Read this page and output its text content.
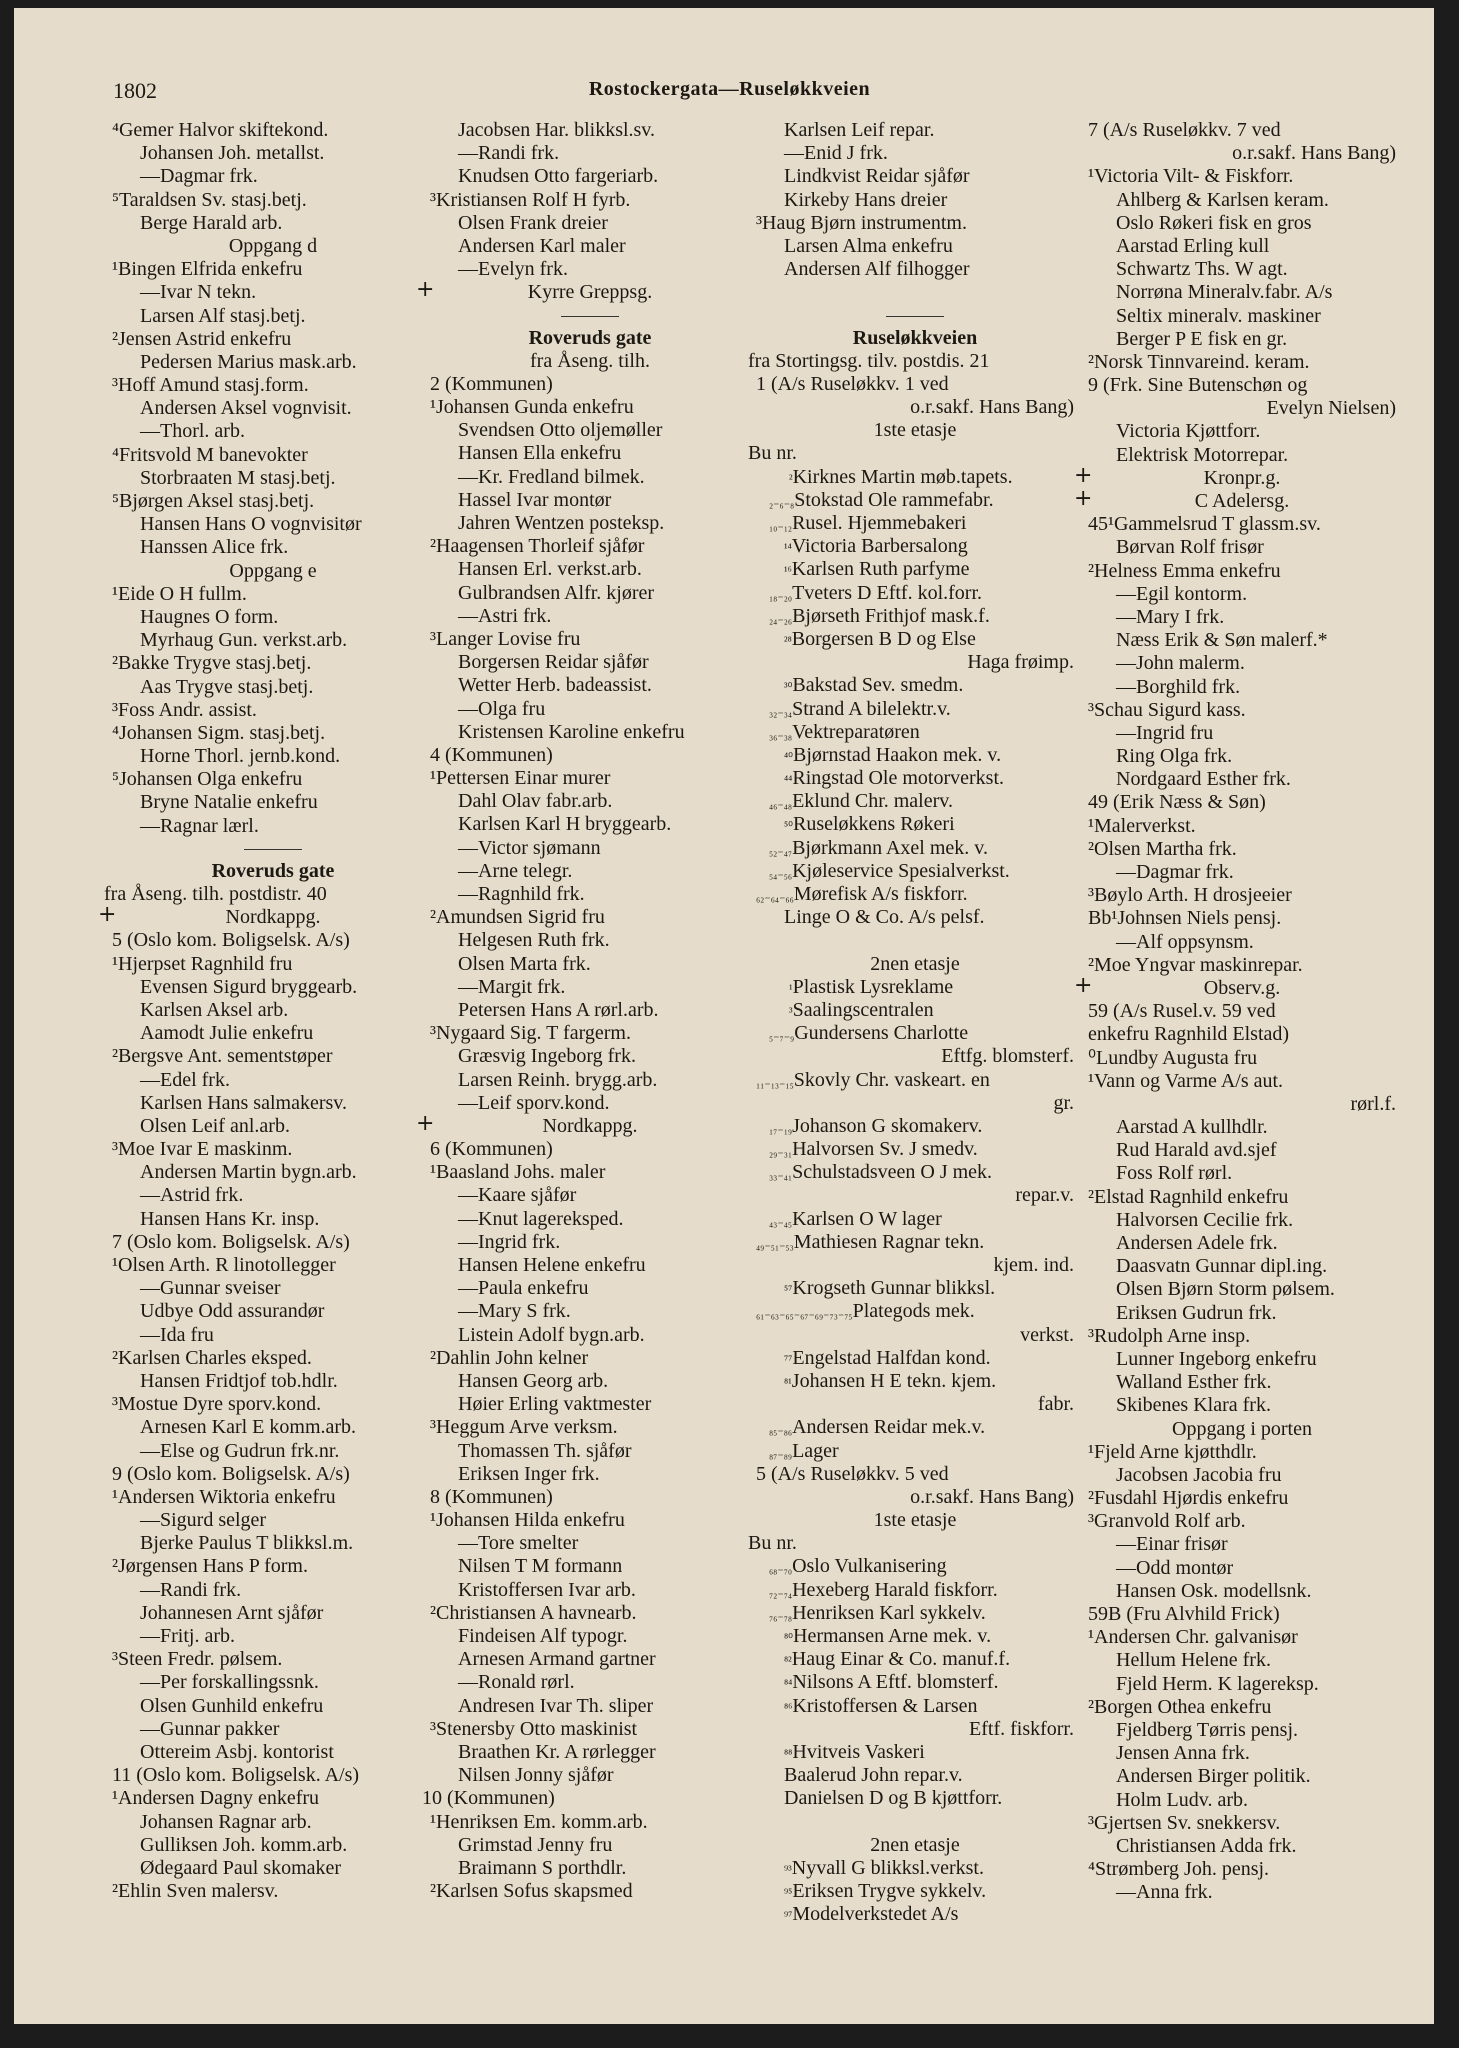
1802	Rostockergata—Ruseløkkveien
⁴Gemer Halvor skiftekond.
Johansen Joh. metallst.
—Dagmar frk.
⁵Taraldsen Sv. stasj.betj.
Berge Harald arb.
Oppgang d
¹Bingen Elfrida enkefru
—Ivar N tekn.
Larsen Alf stasj.betj.
²Jensen Astrid enkefru
Pedersen Marius mask.arb.
³Hoff Amund stasj.form.
Andersen Aksel vognvisit.
—Thorl. arb.
⁴Fritsvold M banevokter
Storbraaten M stasj.betj.
⁵Bjørgen Aksel stasj.betj.
Hansen Hans O vognvisitør
Hanssen Alice frk.
Oppgang e
¹Eide O H fullm.
Haugnes O form.
Myrhaug Gun. verkst.arb.
²Bakke Trygve stasj.betj.
Aas Trygve stasj.betj.
³Foss Andr. assist.
⁴Johansen Sigm. stasj.betj.
Horne Thorl. jernb.kond.
⁵Johansen Olga enkefru
Bryne Natalie enkefru
—Ragnar lærl.
Roveruds gate
fra Åseng. tilh. postdistr. 40
+	Nordkappg.
5 (Oslo kom. Boligselsk. A/s)
¹Hjerpset Ragnhild fru
Evensen Sigurd bryggearb.
Karlsen Aksel arb.
Aamodt Julie enkefru
²Bergsve Ant. sementstøper
—Edel frk.
Karlsen Hans salmakersv.
Olsen Leif anl.arb.
³Moe Ivar E maskinm.
Andersen Martin bygn.arb.
—Astrid frk.
Hansen Hans Kr. insp.
7 (Oslo kom. Boligselsk. A/s)
¹Olsen Arth. R linotollegger
—Gunnar sveiser
Udbye Odd assurandør
—Ida fru
²Karlsen Charles eksped.
Hansen Fridtjof tob.hdlr.
³Mostue Dyre sporv.kond.
Arnesen Karl E komm.arb.
—Else og Gudrun frk.nr.
9 (Oslo kom. Boligselsk. A/s)
¹Andersen Wiktoria enkefru
—Sigurd selger
Bjerke Paulus T blikksl.m.
²Jørgensen Hans P form.
—Randi frk.
Johannesen Arnt sjåfør
—Fritj. arb.
³Steen Fredr. pølsem.
—Per forskallingssnk.
Olsen Gunhild enkefru
—Gunnar pakker
Ottereim Asbj. kontorist
11 (Oslo kom. Boligselsk. A/s)
¹Andersen Dagny enkefru
Johansen Ragnar arb.
Gulliksen Joh. komm.arb.
Ødegaard Paul skomaker
²Ehlin Sven malersv.
Jacobsen Har. blikksl.sv.
—Randi frk.
Knudsen Otto fargeriarb.
³Kristiansen Rolf H fyrb.
Olsen Frank dreier
Andersen Karl maler
—Evelyn frk.
+	Kyrre Greppsg.
Roveruds gate
fra Åseng. tilh.
2 (Kommunen)
¹Johansen Gunda enkefru
Svendsen Otto oljemøller
Hansen Ella enkefru
—Kr. Fredland bilmek.
Hassel Ivar montør
Jahren Wentzen posteksp.
²Haagensen Thorleif sjåfør
Hansen Erl. verkst.arb.
Gulbrandsen Alfr. kjører
—Astri frk.
³Langer Lovise fru
Borgersen Reidar sjåfør
Wetter Herb. badeassist.
—Olga fru
Kristensen Karoline enkefru
4 (Kommunen)
¹Pettersen Einar murer
Dahl Olav fabr.arb.
Karlsen Karl H bryggearb.
—Victor sjømann
—Arne telegr.
—Ragnhild frk.
²Amundsen Sigrid fru
Helgesen Ruth frk.
Olsen Marta frk.
—Margit frk.
Petersen Hans A rørl.arb.
³Nygaard Sig. T fargerm.
Græsvig Ingeborg frk.
Larsen Reinh. brygg.arb.
—Leif sporv.kond.
+	Nordkappg.
6 (Kommunen)
¹Baasland Johs. maler
—Kaare sjåfør
—Knut lagereksped.
—Ingrid frk.
Hansen Helene enkefru
—Paula enkefru
—Mary S frk.
Listein Adolf bygn.arb.
²Dahlin John kelner
Hansen Georg arb.
Høier Erling vaktmester
³Heggum Arve verksm.
Thomassen Th. sjåfør
Eriksen Inger frk.
8 (Kommunen)
¹Johansen Hilda enkefru
—Tore smelter
Nilsen T M formann
Kristoffersen Ivar arb.
²Christiansen A havnearb.
Findeisen Alf typogr.
Arnesen Armand gartner
—Ronald rørl.
Andresen Ivar Th. sliper
³Stenersby Otto maskinist
Braathen Kr. A rørlegger
Nilsen Jonny sjåfør
10 (Kommunen)
¹Henriksen Em. komm.arb.
Grimstad Jenny fru
Braimann S porthdlr.
²Karlsen Sofus skapsmed
Karlsen Leif repar.
—Enid J frk.
Lindkvist Reidar sjåfør
Kirkeby Hans dreier
³Haug Bjørn instrumentm.
Larsen Alma enkefru
Andersen Alf filhogger
Ruseløkkveien
fra Stortingsg. tilv. postdis. 21
1 (A/s Ruseløkkv. 1 ved
o.r.sakf. Hans Bang)
1ste etasje
Bu nr.
²Kirknes Martin møb.tapets.
₂₋₆₋₈Stokstad Ole rammefabr.
₁₀₋₁₂Rusel. Hjemmebakeri
¹⁴Victoria Barbersalong
¹⁶Karlsen Ruth parfyme
₁₈₋₂₀Tveters D Eftf. kol.forr.
₂₄₋₂₆Bjørseth Frithjof mask.f.
²⁸Borgersen B D og Else
Haga frøimp.
³⁰Bakstad Sev. smedm.
₃₂₋₃₄Strand A bilelektr.v.
₃₆₋₃₈Vektreparatøren
⁴⁰Bjørnstad Haakon mek. v.
⁴⁴Ringstad Ole motorverkst.
₄₆₋₄₈Eklund Chr. malerv.
⁵⁰Ruseløkkens Røkeri
₅₂₋₄₇Bjørkmann Axel mek. v.
₅₄₋₅₆Kjøleservice Spesialverkst.
₆₂₋₆₄₋₆₆Mørefisk A/s fiskforr.
Linge O & Co. A/s pelsf.
2nen etasje
¹Plastisk Lysreklame
³Saalingscentralen
₅₋₇₋₉Gundersens Charlotte
Eftfg. blomsterf.
₁₁₋₁₃₋₁₅Skovly Chr. vaskeart. en
gr.
₁₇₋₁₉Johanson G skomakerv.
₂₉₋₃₁Halvorsen Sv. J smedv.
₃₃₋₄₁Schulstadsveen O J mek.
repar.v.
₄₃₋₄₅Karlsen O W lager
₄₉₋₅₁₋₅₃Mathiesen Ragnar tekn.
kjem. ind.
⁵⁷Krogseth Gunnar blikksl.
₆₁₋₆₃₋₆₅₋₆₇₋₆₉₋₇₃₋₇₅Plategods mek.
verkst.
⁷⁷Engelstad Halfdan kond.
⁸¹Johansen H E tekn. kjem.
fabr.
₈₅₋₈₆Andersen Reidar mek.v.
₈₇₋₈₉Lager
5 (A/s Ruseløkkv. 5 ved
o.r.sakf. Hans Bang)
1ste etasje
Bu nr.
₆₈₋₇₀Oslo Vulkanisering
₇₂₋₇₄Hexeberg Harald fiskforr.
₇₆₋₇₈Henriksen Karl sykkelv.
⁸⁰Hermansen Arne mek. v.
⁸²Haug Einar & Co. manuf.f.
⁸⁴Nilsons A Eftf. blomsterf.
⁸⁶Kristoffersen & Larsen
Eftf. fiskforr.
⁸⁸Hvitveis Vaskeri
Baalerud John repar.v.
Danielsen D og B kjøttforr.
2nen etasje
⁹³Nyvall G blikksl.verkst.
⁹⁵Eriksen Trygve sykkelv.
⁹⁷Modelverkstedet A/s
7 (A/s Ruseløkkv. 7 ved
o.r.sakf. Hans Bang)
¹Victoria Vilt- & Fiskforr.
Ahlberg & Karlsen keram.
Oslo Røkeri fisk en gros
Aarstad Erling kull
Schwartz Ths. W agt.
Norrøna Mineralv.fabr. A/s
Seltix mineralv. maskiner
Berger P E fisk en gr.
²Norsk Tinnvareind. keram.
9 (Frk. Sine Butenschøn og
Evelyn Nielsen)
Victoria Kjøttforr.
Elektrisk Motorrepar.
+	Kronpr.g.
+	C Adelersg.
45¹Gammelsrud T glassm.sv.
Børvan Rolf frisør
²Helness Emma enkefru
—Egil kontorm.
—Mary I frk.
Næss Erik & Søn malerf.*
—John malerm.
—Borghild frk.
³Schau Sigurd kass.
—Ingrid fru
Ring Olga frk.
Nordgaard Esther frk.
49 (Erik Næss & Søn)
¹Malerverkst.
²Olsen Martha frk.
—Dagmar frk.
³Bøylo Arth. H drosjeeier
Bb¹Johnsen Niels pensj.
—Alf oppsynsm.
²Moe Yngvar maskinrepar.
+	Observ.g.
59 (A/s Rusel.v. 59 ved
enkefru Ragnhild Elstad)
⁰Lundby Augusta fru
¹Vann og Varme A/s aut.
rørl.f.
Aarstad A kullhdlr.
Rud Harald avd.sjef
Foss Rolf rørl.
²Elstad Ragnhild enkefru
Halvorsen Cecilie frk.
Andersen Adele frk.
Daasvatn Gunnar dipl.ing.
Olsen Bjørn Storm pølsem.
Eriksen Gudrun frk.
³Rudolph Arne insp.
Lunner Ingeborg enkefru
Walland Esther frk.
Skibenes Klara frk.
Oppgang i porten
¹Fjeld Arne kjøtthdlr.
Jacobsen Jacobia fru
²Fusdahl Hjørdis enkefru
³Granvold Rolf arb.
—Einar frisør
—Odd montør
Hansen Osk. modellsnk.
59B (Fru Alvhild Frick)
¹Andersen Chr. galvanisør
Hellum Helene frk.
Fjeld Herm. K lagereksp.
²Borgen Othea enkefru
Fjeldberg Tørris pensj.
Jensen Anna frk.
Andersen Birger politik.
Holm Ludv. arb.
³Gjertsen Sv. snekkersv.
Christiansen Adda frk.
⁴Strømberg Joh. pensj.
—Anna frk.
